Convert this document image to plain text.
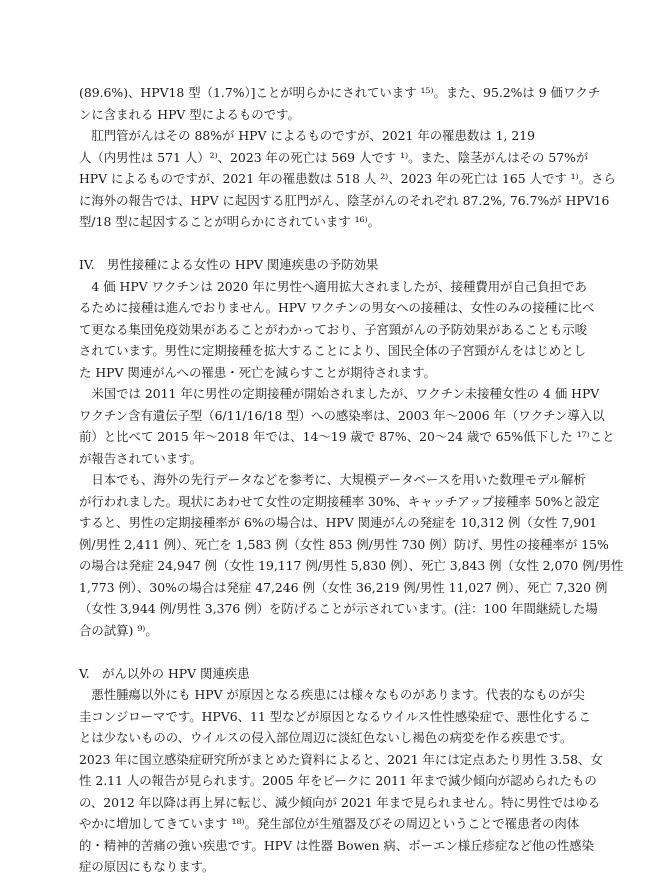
(89.6%)、HPV18 型（1.7%）]ことが明らかにされています ¹⁵⁾。また、95.2%は 9 価ワクチ
ンに含まれる HPV 型によるものです。
　肛門管がんはその 88%が HPV によるものですが、2021 年の罹患数は 1, 219
人（内男性は 571 人）²⁾、2023 年の死亡は 569 人です ¹⁾。また、陰茎がんはその 57%が
HPV によるものですが、2021 年の罹患数は 518 人 ²⁾、2023 年の死亡は 165 人です ¹⁾。さら
に海外の報告では、HPV に起因する肛門がん、陰茎がんのそれぞれ 87.2%, 76.7%が HPV16
型/18 型に起因することが明らかにされています ¹⁶⁾。
IV.　男性接種による女性の HPV 関連疾患の予防効果
　4 価 HPV ワクチンは 2020 年に男性へ適用拡大されましたが、接種費用が自己負担であ
るために接種は進んでおりません。HPV ワクチンの男女への接種は、女性のみの接種に比べ
て更なる集団免疫効果があることがわかっており、子宮頸がんの予防効果があることも示唆
されています。男性に定期接種を拡大することにより、国民全体の子宮頸がんをはじめとし
た HPV 関連がんへの罹患・死亡を減らすことが期待されます。
　米国では 2011 年に男性の定期接種が開始されましたが、ワクチン未接種女性の 4 価 HPV
ワクチン含有遺伝子型（6/11/16/18 型）への感染率は、2003 年～2006 年（ワクチン導入以
前）と比べて 2015 年～2018 年では、14～19 歳で 87%、20～24 歳で 65%低下した ¹⁷⁾こと
が報告されています。
　日本でも、海外の先行データなどを参考に、大規模データベースを用いた数理モデル解析
が行われました。現状にあわせて女性の定期接種率 30%、キャッチアップ接種率 50%と設定
すると、男性の定期接種率が 6%の場合は、HPV 関連がんの発症を 10,312 例（女性 7,901
例/男性 2,411 例）、死亡を 1,583 例（女性 853 例/男性 730 例）防げ、男性の接種率が 15%
の場合は発症 24,947 例（女性 19,117 例/男性 5,830 例）、死亡 3,843 例（女性 2,070 例/男性
1,773 例）、30%の場合は発症 47,246 例（女性 36,219 例/男性 11,027 例）、死亡 7,320 例
（女性 3,944 例/男性 3,376 例）を防げることが示されています。(注：100 年間継続した場
合の試算) ⁹⁾。
V.　がん以外の HPV 関連疾患
　悪性腫瘍以外にも HPV が原因となる疾患には様々なものがあります。代表的なものが尖
圭コンジローマです。HPV6、11 型などが原因となるウイルス性性感染症で、悪性化するこ
とは少ないものの、ウイルスの侵入部位周辺に淡紅色ないし褐色の病変を作る疾患です。
2023 年に国立感染症研究所がまとめた資料によると、2021 年には定点あたり男性 3.58、女
性 2.11 人の報告が見られます。2005 年をピークに 2011 年まで減少傾向が認められたもの
の、2012 年以降は再上昇に転じ、減少傾向が 2021 年まで見られません。特に男性ではゆる
やかに増加してきています ¹⁸⁾。発生部位が生殖器及びその周辺ということで罹患者の肉体
的・精神的苦痛の強い疾患です。HPV は性器 Bowen 病、ボーエン様丘疹症など他の性感染
症の原因にもなります。
